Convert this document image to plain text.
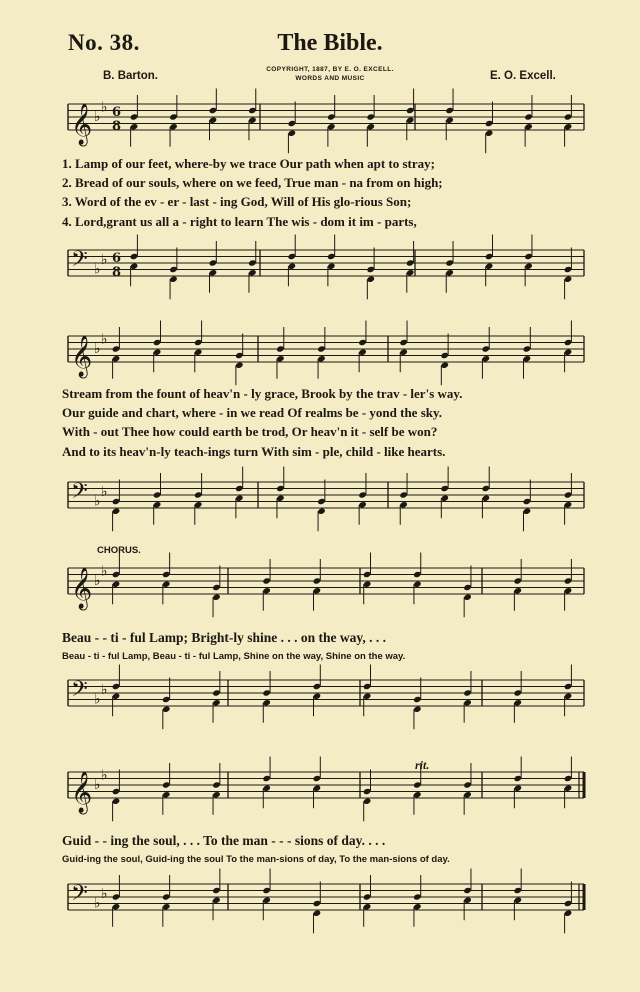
No. 38.	The Bible.
B. Barton.	E. O. Excell.
COPYRIGHT, 1887, BY E. O. EXCELL.
WORDS AND MUSIC
𝄞 ♭
♭ 6
8
1. Lamp of our feet, where-by we trace Our path when apt to stray;
2. Bread of our souls, where on we feed, True man - na from on high;
3. Word of the ev - er - last - ing God, Will of His glo-rious Son;
4. Lord,grant us all a - right to learn The wis - dom it im - parts,
𝄢 ♭
♭ 6
8
𝄞 ♭
♭
Stream from the fount of heav'n - ly grace, Brook by the trav - ler's way.
Our guide and chart, where - in we read Of realms be - yond the sky.
With - out Thee how could earth be trod, Or heav'n it - self be won?
And to its heav'n-ly teach-ings turn With sim - ple, child - like hearts.
𝄢 ♭
♭
CHORUS.
𝄞 ♭
♭
Beau - - ti - ful Lamp; Bright-ly shine . . . on the way, . . .
Beau - ti - ful Lamp, Beau - ti - ful Lamp, Shine on the way, Shine on the way.
𝄢 ♭
♭
rit.
𝄞 ♭
♭
Guid - - ing the soul, . . . To the man - - - sions of day. . . .
Guid-ing the soul, Guid-ing the soul To the man-sions of day, To the man-sions of day.
𝄢 ♭
♭
